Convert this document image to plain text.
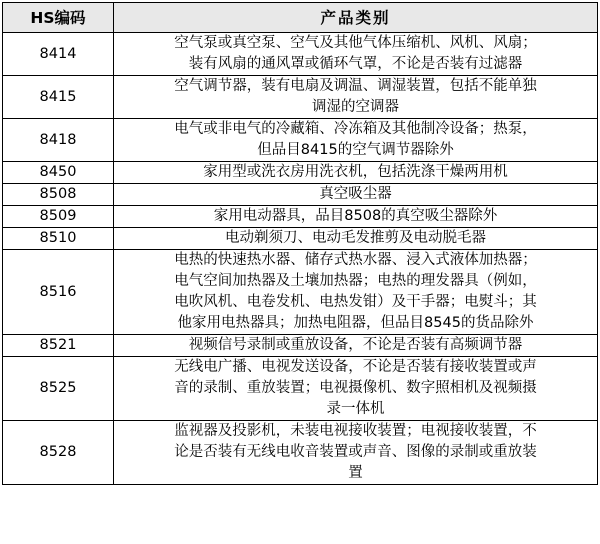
HS编码	产品类别
8414	空气泵或真空泵、空气及其他气体压缩机、风机、风扇；
装有风扇的通风罩或循环气罩，不论是否装有过滤器

8415	空气调节器，装有电扇及调温、调湿装置，包括不能单独
调湿的空调器

8418	电气或非电气的冷藏箱、冷冻箱及其他制冷设备；热泵，
但品目8415的空气调节器除外

8450	家用型或洗衣房用洗衣机，包括洗涤干燥两用机

8508	真空吸尘器

8509	家用电动器具，品目8508的真空吸尘器除外

8510	电动剃须刀、电动毛发推剪及电动脱毛器

8516	电热的快速热水器、储存式热水器、浸入式液体加热器；
电气空间加热器及土壤加热器；电热的理发器具（例如，
电吹风机、电卷发机、电热发钳）及干手器；电熨斗；其
他家用电热器具；加热电阻器，但品目8545的货品除外

8521	视频信号录制或重放设备，不论是否装有高频调节器

8525	无线电广播、电视发送设备，不论是否装有接收装置或声
音的录制、重放装置；电视摄像机、数字照相机及视频摄
录一体机

8528	监视器及投影机，未装电视接收装置；电视接收装置，不
论是否装有无线电收音装置或声音、图像的录制或重放装
置
